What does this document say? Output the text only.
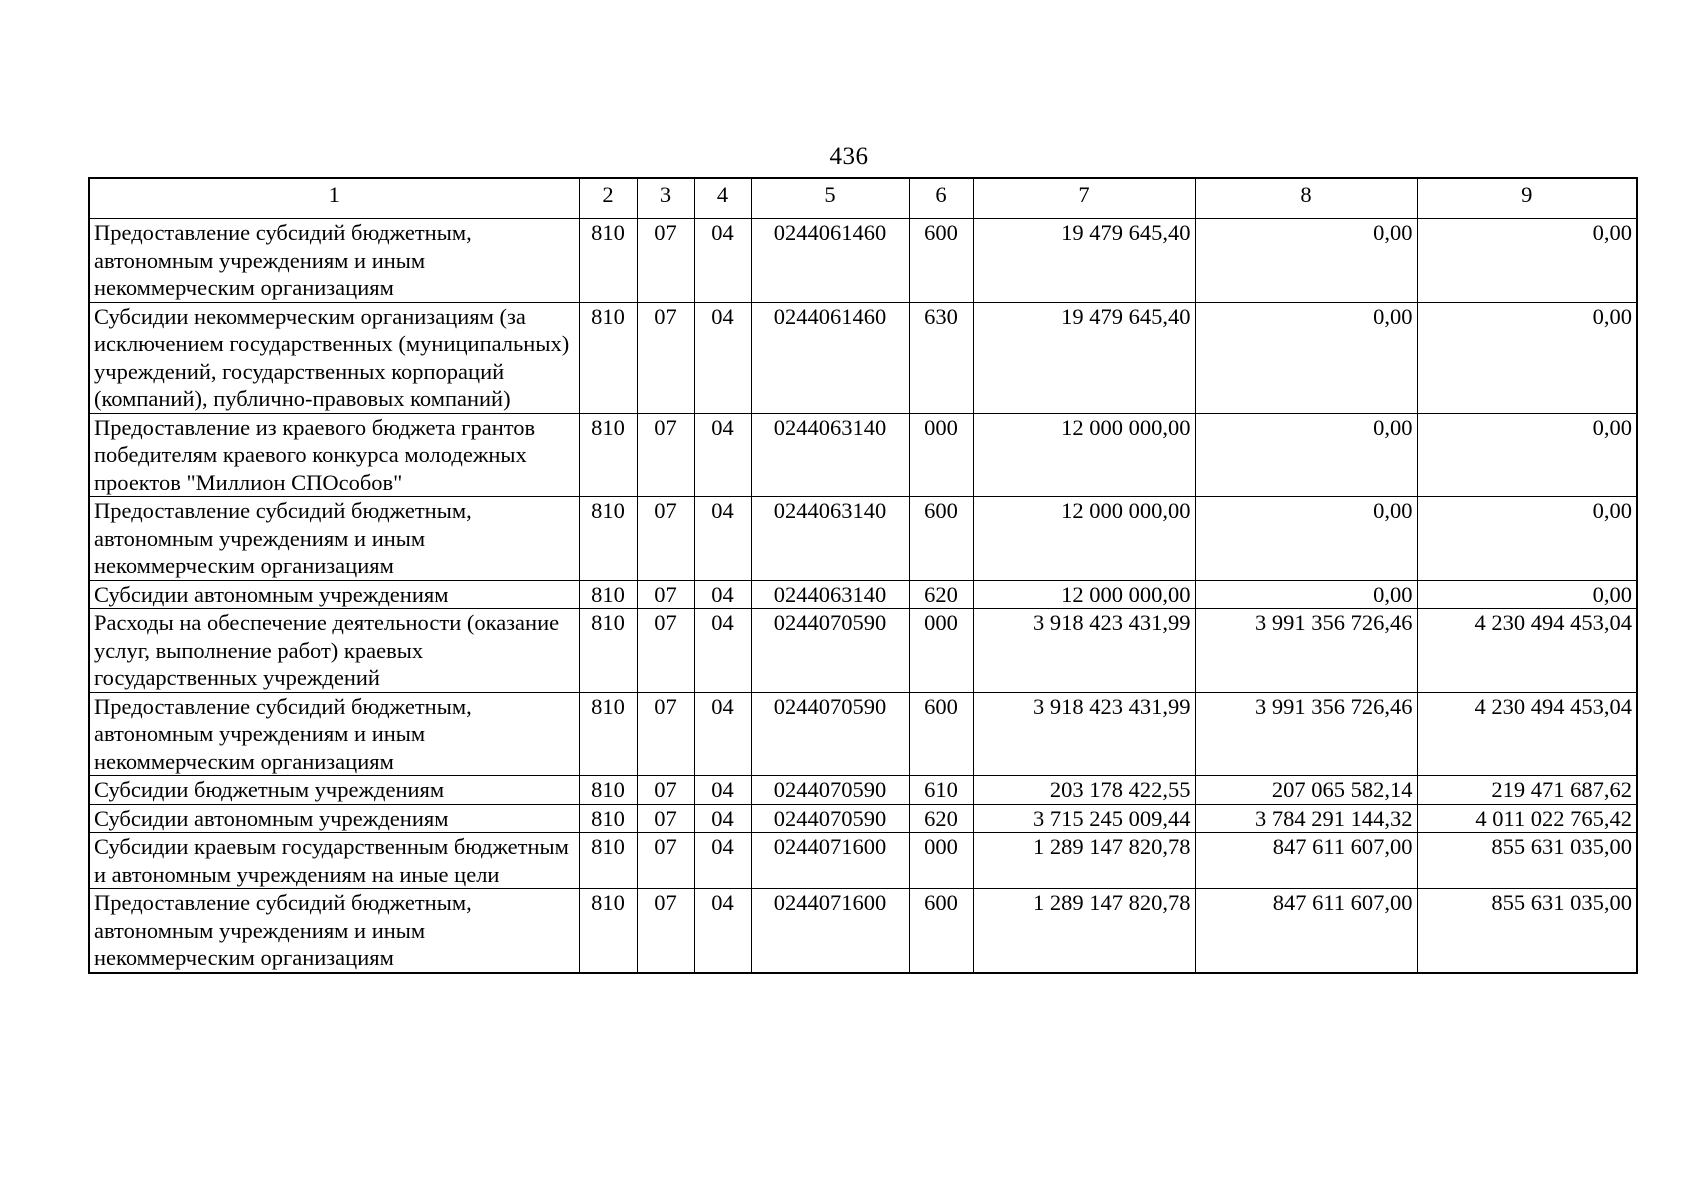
436
1	2	3	4	5	6	7	8	9
Предоставление субсидий бюджетным, автономным учреждениям и иным некоммерческим организациям	810	07	04	0244061460	600	19 479 645,40	0,00	0,00
Субсидии некоммерческим организациям (за исключением государственных (муниципальных) учреждений, государственных корпораций (компаний), публично-правовых компаний)	810	07	04	0244061460	630	19 479 645,40	0,00	0,00
Предоставление из краевого бюджета грантов победителям краевого конкурса молодежных проектов "Миллион СПОсобов"	810	07	04	0244063140	000	12 000 000,00	0,00	0,00
Предоставление субсидий бюджетным, автономным учреждениям и иным некоммерческим организациям	810	07	04	0244063140	600	12 000 000,00	0,00	0,00
Субсидии автономным учреждениям	810	07	04	0244063140	620	12 000 000,00	0,00	0,00
Расходы на обеспечение деятельности (оказание услуг, выполнение работ) краевых государственных учреждений	810	07	04	0244070590	000	3 918 423 431,99	3 991 356 726,46	4 230 494 453,04
Предоставление субсидий бюджетным, автономным учреждениям и иным некоммерческим организациям	810	07	04	0244070590	600	3 918 423 431,99	3 991 356 726,46	4 230 494 453,04
Субсидии бюджетным учреждениям	810	07	04	0244070590	610	203 178 422,55	207 065 582,14	219 471 687,62
Субсидии автономным учреждениям	810	07	04	0244070590	620	3 715 245 009,44	3 784 291 144,32	4 011 022 765,42
Субсидии краевым государственным бюджетным и автономным учреждениям на иные цели	810	07	04	0244071600	000	1 289 147 820,78	847 611 607,00	855 631 035,00
Предоставление субсидий бюджетным, автономным учреждениям и иным некоммерческим организациям	810	07	04	0244071600	600	1 289 147 820,78	847 611 607,00	855 631 035,00
